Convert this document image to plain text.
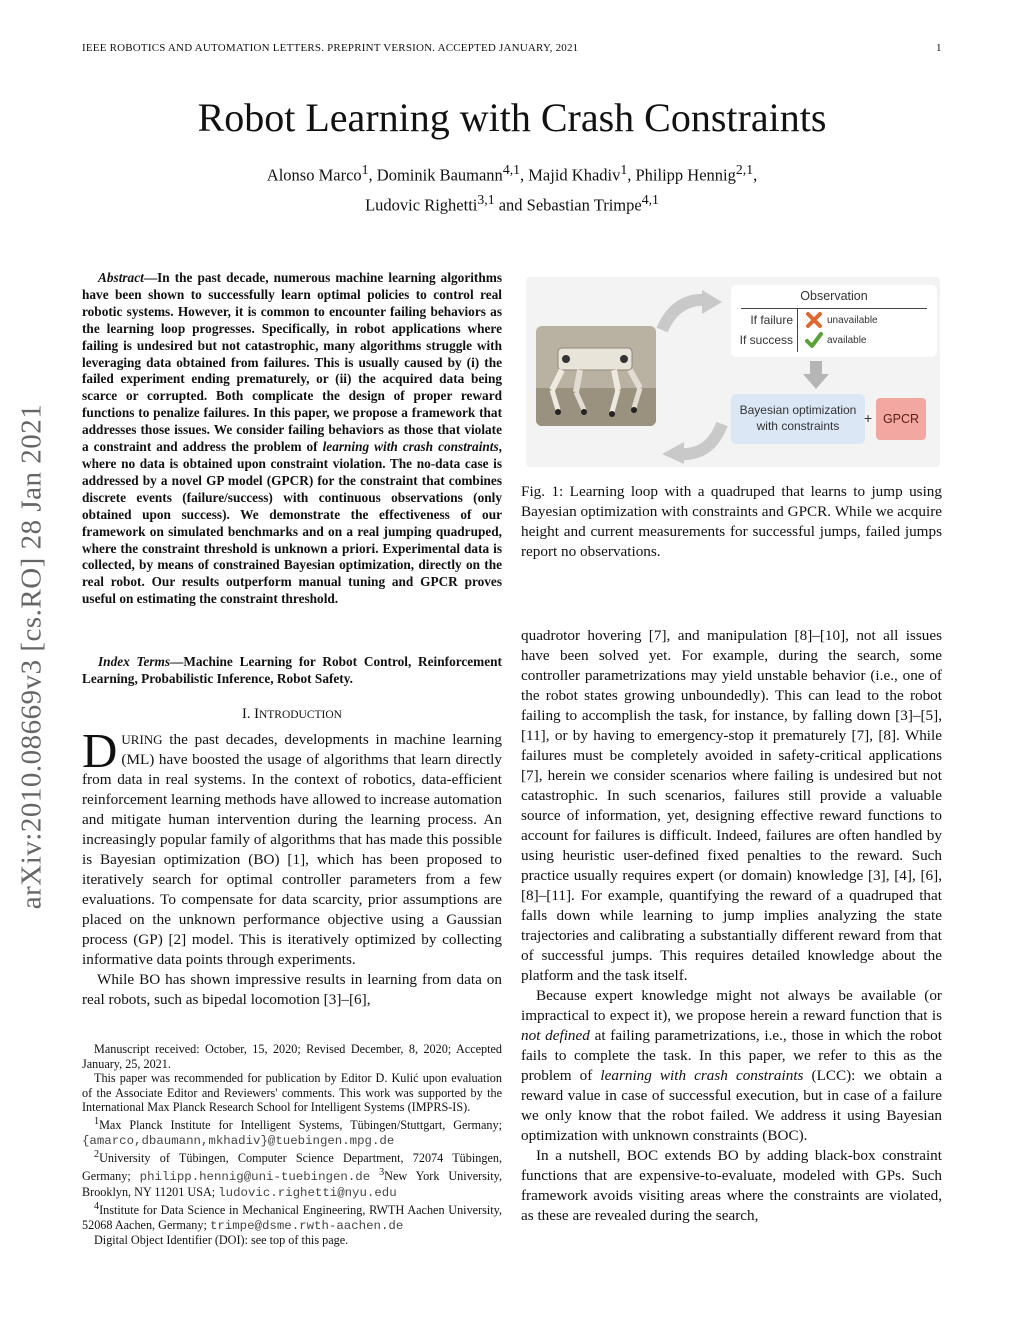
IEEE ROBOTICS AND AUTOMATION LETTERS. PREPRINT VERSION. ACCEPTED JANUARY, 2021	1
arXiv:2010.08669v3 [cs.RO] 28 Jan 2021
Robot Learning with Crash Constraints
Alonso Marco$^1$, Dominik Baumann$^{4,1}$, Majid Khadiv$^1$, Philipp Hennig$^{2,1}$,
Ludovic Righetti$^{3,1}$ and Sebastian Trimpe$^{4,1}$
Abstract—In the past decade, numerous machine learning algorithms have been shown to successfully learn optimal policies to control real robotic systems. However, it is common to encounter failing behaviors as the learning loop progresses. Specifically, in robot applications where failing is undesired but not catastrophic, many algorithms struggle with leveraging data obtained from failures. This is usually caused by (i) the failed experiment ending prematurely, or (ii) the acquired data being scarce or corrupted. Both complicate the design of proper reward functions to penalize failures. In this paper, we propose a framework that addresses those issues. We consider failing behaviors as those that violate a constraint and address the problem of learning with crash constraints, where no data is obtained upon constraint violation. The no-data case is addressed by a novel GP model (GPCR) for the constraint that combines discrete events (failure/success) with continuous observations (only obtained upon success). We demonstrate the effectiveness of our framework on simulated benchmarks and on a real jumping quadruped, where the constraint threshold is unknown a priori. Experimental data is collected, by means of constrained Bayesian optimization, directly on the real robot. Our results outperform manual tuning and GPCR proves useful on estimating the constraint threshold.
Index Terms—Machine Learning for Robot Control, Reinforcement Learning, Probabilistic Inference, Robot Safety.
I. INTRODUCTION

DURING the past decades, developments in machine learning (ML) have boosted the usage of algorithms that learn directly from data in real systems. In the context of robotics, data-efficient reinforcement learning methods have allowed to increase automation and mitigate human intervention during the learning process. An increasingly popular family of algorithms that has made this possible is Bayesian optimization (BO) [1], which has been proposed to iteratively search for optimal controller parameters from a few evaluations. To compensate for data scarcity, prior assumptions are placed on the unknown performance objective using a Gaussian process (GP) [2] model. This is iteratively optimized by collecting informative data points through experiments.

While BO has shown impressive results in learning from data on real robots, such as bipedal locomotion [3]–[6],

Manuscript received: October, 15, 2020; Revised December, 8, 2020; Accepted January, 25, 2021.

This paper was recommended for publication by Editor D. Kulić upon evaluation of the Associate Editor and Reviewers' comments. This work was supported by the International Max Planck Research School for Intelligent Systems (IMPRS-IS).

$^1$Max Planck Institute for Intelligent Systems, Tübingen/Stuttgart, Germany; {amarco,dbaumann,mkhadiv}@tuebingen.mpg.de

$^2$University of Tübingen, Computer Science Department, 72074 Tübingen, Germany; philipp.hennig@uni-tuebingen.de $^3$New York University, Brooklyn, NY 11201 USA; ludovic.righetti@nyu.edu

$^4$Institute for Data Science in Mechanical Engineering, RWTH Aachen University, 52068 Aachen, Germany; trimpe@dsme.rwth-aachen.de

Digital Object Identifier (DOI): see top of this page.

Observation
If failure
If success
unavailable
available
Bayesian optimization
with constraints	+ GPCR
Fig. 1: Learning loop with a quadruped that learns to jump using Bayesian optimization with constraints and GPCR. While we acquire height and current measurements for successful jumps, failed jumps report no observations.

quadrotor hovering [7], and manipulation [8]–[10], not all issues have been solved yet. For example, during the search, some controller parametrizations may yield unstable behavior (i.e., one of the robot states growing unboundedly). This can lead to the robot failing to accomplish the task, for instance, by falling down [3]–[5], [11], or by having to emergency-stop it prematurely [7], [8]. While failures must be completely avoided in safety-critical applications [7], herein we consider scenarios where failing is undesired but not catastrophic. In such scenarios, failures still provide a valuable source of information, yet, designing effective reward functions to account for failures is difficult. Indeed, failures are often handled by using heuristic user-defined fixed penalties to the reward. Such practice usually requires expert (or domain) knowledge [3], [4], [6], [8]–[11]. For example, quantifying the reward of a quadruped that falls down while learning to jump implies analyzing the state trajectories and calibrating a substantially different reward from that of successful jumps. This requires detailed knowledge about the platform and the task itself.

Because expert knowledge might not always be available (or impractical to expect it), we propose herein a reward function that is not defined at failing parametrizations, i.e., those in which the robot fails to complete the task. In this paper, we refer to this as the problem of learning with crash constraints (LCC): we obtain a reward value in case of successful execution, but in case of a failure we only know that the robot failed. We address it using Bayesian optimization with unknown constraints (BOC).

In a nutshell, BOC extends BO by adding black-box constraint functions that are expensive-to-evaluate, modeled with GPs. Such framework avoids visiting areas where the constraints are violated, as these are revealed during the search,
